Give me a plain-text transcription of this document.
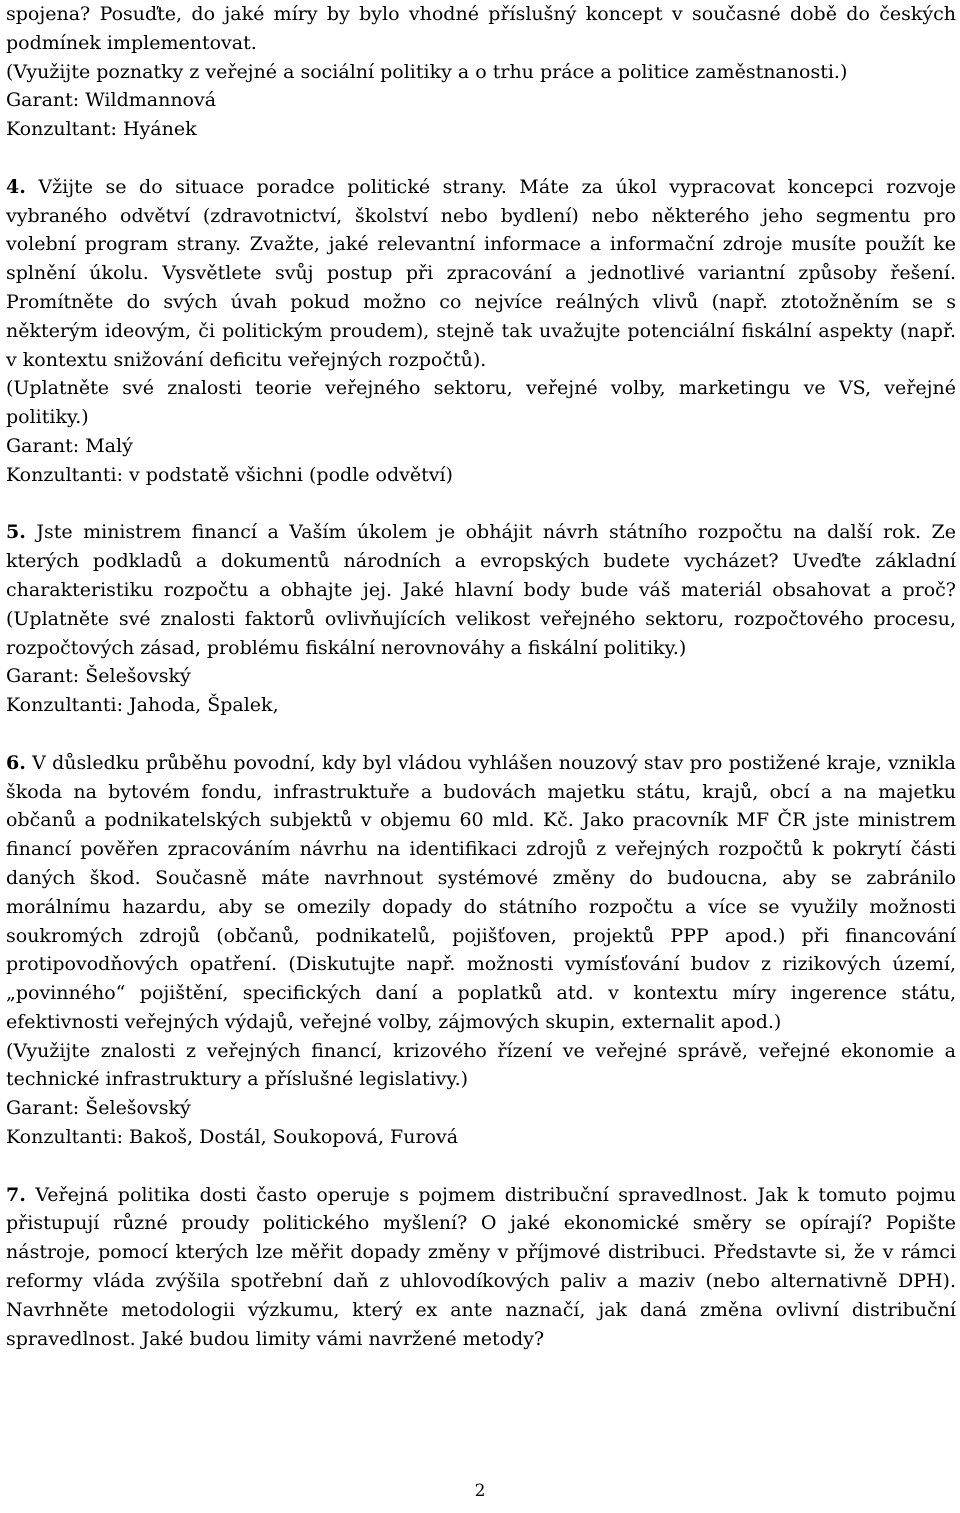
spojena? Posuďte, do jaké míry by bylo vhodné příslušný koncept v současné době do českých podmínek implementovat.

(Využijte poznatky z veřejné a sociální politiky a o trhu práce a politice zaměstnanosti.)

Garant: Wildmannová

Konzultant: Hyánek

4. Vžijte se do situace poradce politické strany. Máte za úkol vypracovat koncepci rozvoje vybraného odvětví (zdravotnictví, školství nebo bydlení) nebo některého jeho segmentu pro volební program strany. Zvažte, jaké relevantní informace a informační zdroje musíte použít ke splnění úkolu. Vysvětlete svůj postup při zpracování a jednotlivé variantní způsoby řešení. Promítněte do svých úvah pokud možno co nejvíce reálných vlivů (např. ztotožněním se s některým ideovým, či politickým proudem), stejně tak uvažujte potenciální fiskální aspekty (např. v kontextu snižování deficitu veřejných rozpočtů).

(Uplatněte své znalosti teorie veřejného sektoru, veřejné volby, marketingu ve VS, veřejné politiky.)

Garant: Malý

Konzultanti: v podstatě všichni (podle odvětví)

5. Jste ministrem financí a Vaším úkolem je obhájit návrh státního rozpočtu na další rok. Ze kterých podkladů a dokumentů národních a evropských budete vycházet? Uveďte základní charakteristiku rozpočtu a obhajte jej. Jaké hlavní body bude váš materiál obsahovat a proč? (Uplatněte své znalosti faktorů ovlivňujících velikost veřejného sektoru, rozpočtového procesu, rozpočtových zásad, problému fiskální nerovnováhy a fiskální politiky.)

Garant: Šelešovský

Konzultanti: Jahoda, Špalek,

6. V důsledku průběhu povodní, kdy byl vládou vyhlášen nouzový stav pro postižené kraje, vznikla škoda na bytovém fondu, infrastruktuře a budovách majetku státu, krajů, obcí a na majetku občanů a podnikatelských subjektů v objemu 60 mld. Kč. Jako pracovník MF ČR jste ministrem financí pověřen zpracováním návrhu na identifikaci zdrojů z veřejných rozpočtů k pokrytí části daných škod. Současně máte navrhnout systémové změny do budoucna, aby se zabránilo morálnímu hazardu, aby se omezily dopady do státního rozpočtu a více se využily možnosti soukromých zdrojů (občanů, podnikatelů, pojišťoven, projektů PPP apod.) při financování protipovodňových opatření. (Diskutujte např. možnosti vymísťování budov z rizikových území, „povinného“ pojištění, specifických daní a poplatků atd. v kontextu míry ingerence státu, efektivnosti veřejných výdajů, veřejné volby, zájmových skupin, externalit apod.)

(Využijte znalosti z veřejných financí, krizového řízení ve veřejné správě, veřejné ekonomie a technické infrastruktury a příslušné legislativy.)

Garant: Šelešovský

Konzultanti: Bakoš, Dostál, Soukopová, Furová

7. Veřejná politika dosti často operuje s pojmem distribuční spravedlnost. Jak k tomuto pojmu přistupují různé proudy politického myšlení? O jaké ekonomické směry se opírají? Popište nástroje, pomocí kterých lze měřit dopady změny v příjmové distribuci. Představte si, že v rámci reformy vláda zvýšila spotřební daň z uhlovodíkových paliv a maziv (nebo alternativně DPH). Navrhněte metodologii výzkumu, který ex ante naznačí, jak daná změna ovlivní distribuční spravedlnost. Jaké budou limity vámi navržené metody?

2
